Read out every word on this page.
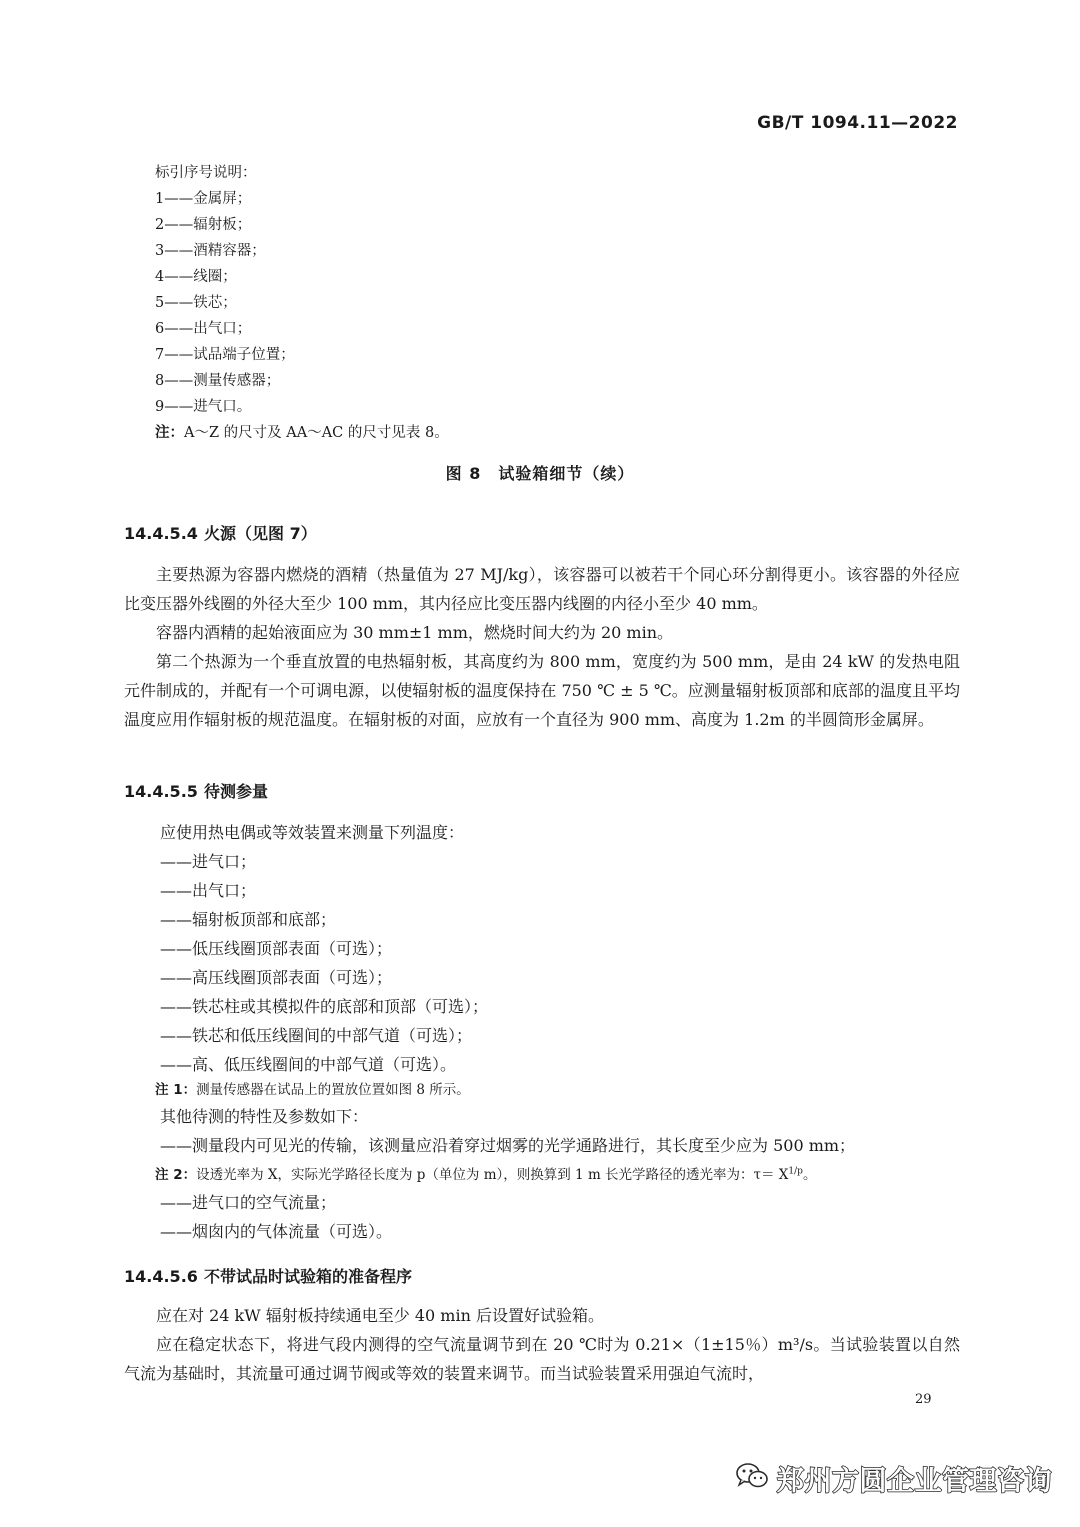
GB/T 1094.11—2022
标引序号说明：
1——金属屏；
2——辐射板；
3——酒精容器；
4——线圈；
5——铁芯；
6——出气口；
7——试品端子位置；
8——测量传感器；
9——进气口。
注：A～Z 的尺寸及 AA～AC 的尺寸见表 8。
图 8　试验箱细节（续）
14.4.5.4 火源（见图 7）

主要热源为容器内燃烧的酒精（热量值为 27 MJ/kg），该容器可以被若干个同心环分割得更小。该容器的外径应比变压器外线圈的外径大至少 100 mm，其内径应比变压器内线圈的内径小至少 40 mm。

容器内酒精的起始液面应为 30 mm±1 mm，燃烧时间大约为 20 min。

第二个热源为一个垂直放置的电热辐射板，其高度约为 800 mm，宽度约为 500 mm，是由 24 kW 的发热电阻元件制成的，并配有一个可调电源，以使辐射板的温度保持在 750 ℃ ± 5 ℃。应测量辐射板顶部和底部的温度且平均温度应用作辐射板的规范温度。在辐射板的对面，应放有一个直径为 900 mm、高度为 1.2m 的半圆筒形金属屏。

14.4.5.5 待测参量
应使用热电偶或等效装置来测量下列温度：
——进气口；
——出气口；
——辐射板顶部和底部；
——低压线圈顶部表面（可选）；
——高压线圈顶部表面（可选）；
——铁芯柱或其模拟件的底部和顶部（可选）；
——铁芯和低压线圈间的中部气道（可选）；
——高、低压线圈间的中部气道（可选）。
注 1：测量传感器在试品上的置放位置如图 8 所示。
其他待测的特性及参数如下：
——测量段内可见光的传输，该测量应沿着穿过烟雾的光学通路进行，其长度至少应为 500 mm；
注 2：设透光率为 X，实际光学路径长度为 p（单位为 m），则换算到 1 m 长光学路径的透光率为：$\tau= X^{1/p}$。
——进气口的空气流量；
——烟囱内的气体流量（可选）。
14.4.5.6 不带试品时试验箱的准备程序

应在对 24 kW 辐射板持续通电至少 40 min 后设置好试验箱。

应在稳定状态下，将进气段内测得的空气流量调节到在 20 ℃时为 0.21×（1±15％）m³/s。当试验装置以自然气流为基础时，其流量可通过调节阀或等效的装置来调节。而当试验装置采用强迫气流时，

29
郑州方圆企业管理咨询
